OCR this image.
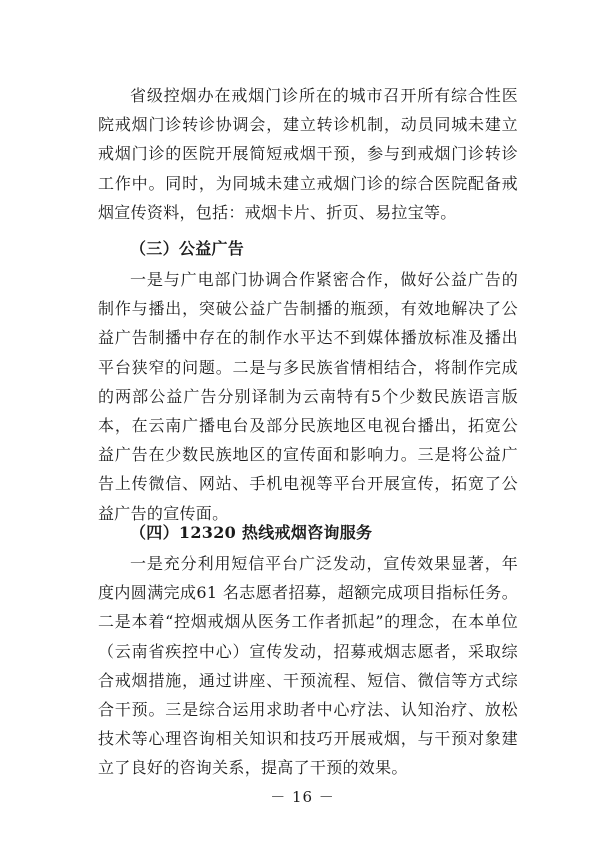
省级控烟办在戒烟门诊所在的城市召开所有综合性医院戒烟门诊转诊协调会，建立转诊机制，动员同城未建立戒烟门诊的医院开展简短戒烟干预，参与到戒烟门诊转诊工作中。同时，为同城未建立戒烟门诊的综合医院配备戒烟宣传资料，包括：戒烟卡片、折页、易拉宝等。

（三）公益广告

一是与广电部门协调合作紧密合作，做好公益广告的制作与播出，突破公益广告制播的瓶颈，有效地解决了公益广告制播中存在的制作水平达不到媒体播放标准及播出平台狭窄的问题。二是与多民族省情相结合，将制作完成的两部公益广告分别译制为云南特有5个少数民族语言版本，在云南广播电台及部分民族地区电视台播出，拓宽公益广告在少数民族地区的宣传面和影响力。三是将公益广告上传微信、网站、手机电视等平台开展宣传，拓宽了公益广告的宣传面。

（四）12320 热线戒烟咨询服务

一是充分利用短信平台广泛发动，宣传效果显著，年度内圆满完成61 名志愿者招募，超额完成项目指标任务。二是本着“控烟戒烟从医务工作者抓起”的理念，在本单位（云南省疾控中心）宣传发动，招募戒烟志愿者，采取综合戒烟措施，通过讲座、干预流程、短信、微信等方式综合干预。三是综合运用求助者中心疗法、认知治疗、放松技术等心理咨询相关知识和技巧开展戒烟，与干预对象建立了良好的咨询关系，提高了干预的效果。

－ 16 －
